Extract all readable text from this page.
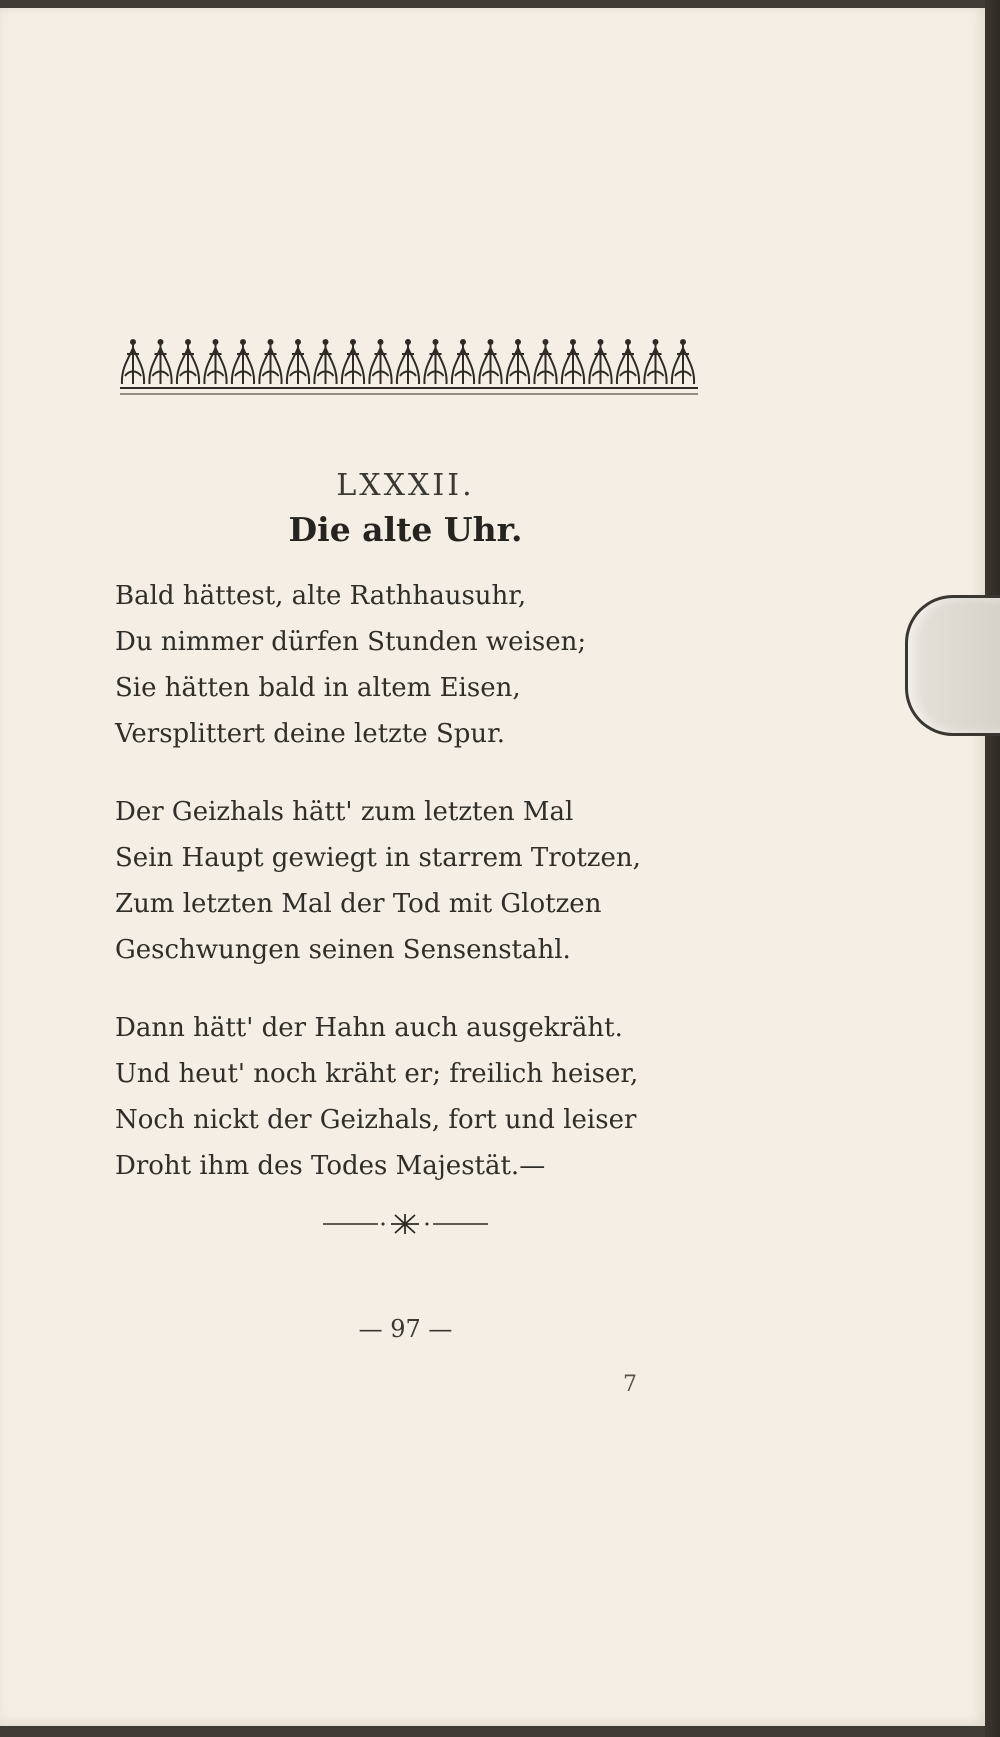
LXXXII.
Die alte Uhr.
Bald hättest, alte Rathhausuhr,
Du nimmer dürfen Stunden weisen;
Sie hätten bald in altem Eisen,
Versplittert deine letzte Spur.
Der Geizhals hätt' zum letzten Mal
Sein Haupt gewiegt in starrem Trotzen,
Zum letzten Mal der Tod mit Glotzen
Geschwungen seinen Sensenstahl.
Dann hätt' der Hahn auch ausgekräht.
Und heut' noch kräht er; freilich heiser,
Noch nickt der Geizhals, fort und leiser
Droht ihm des Todes Majestät.—
— 97 —
7
